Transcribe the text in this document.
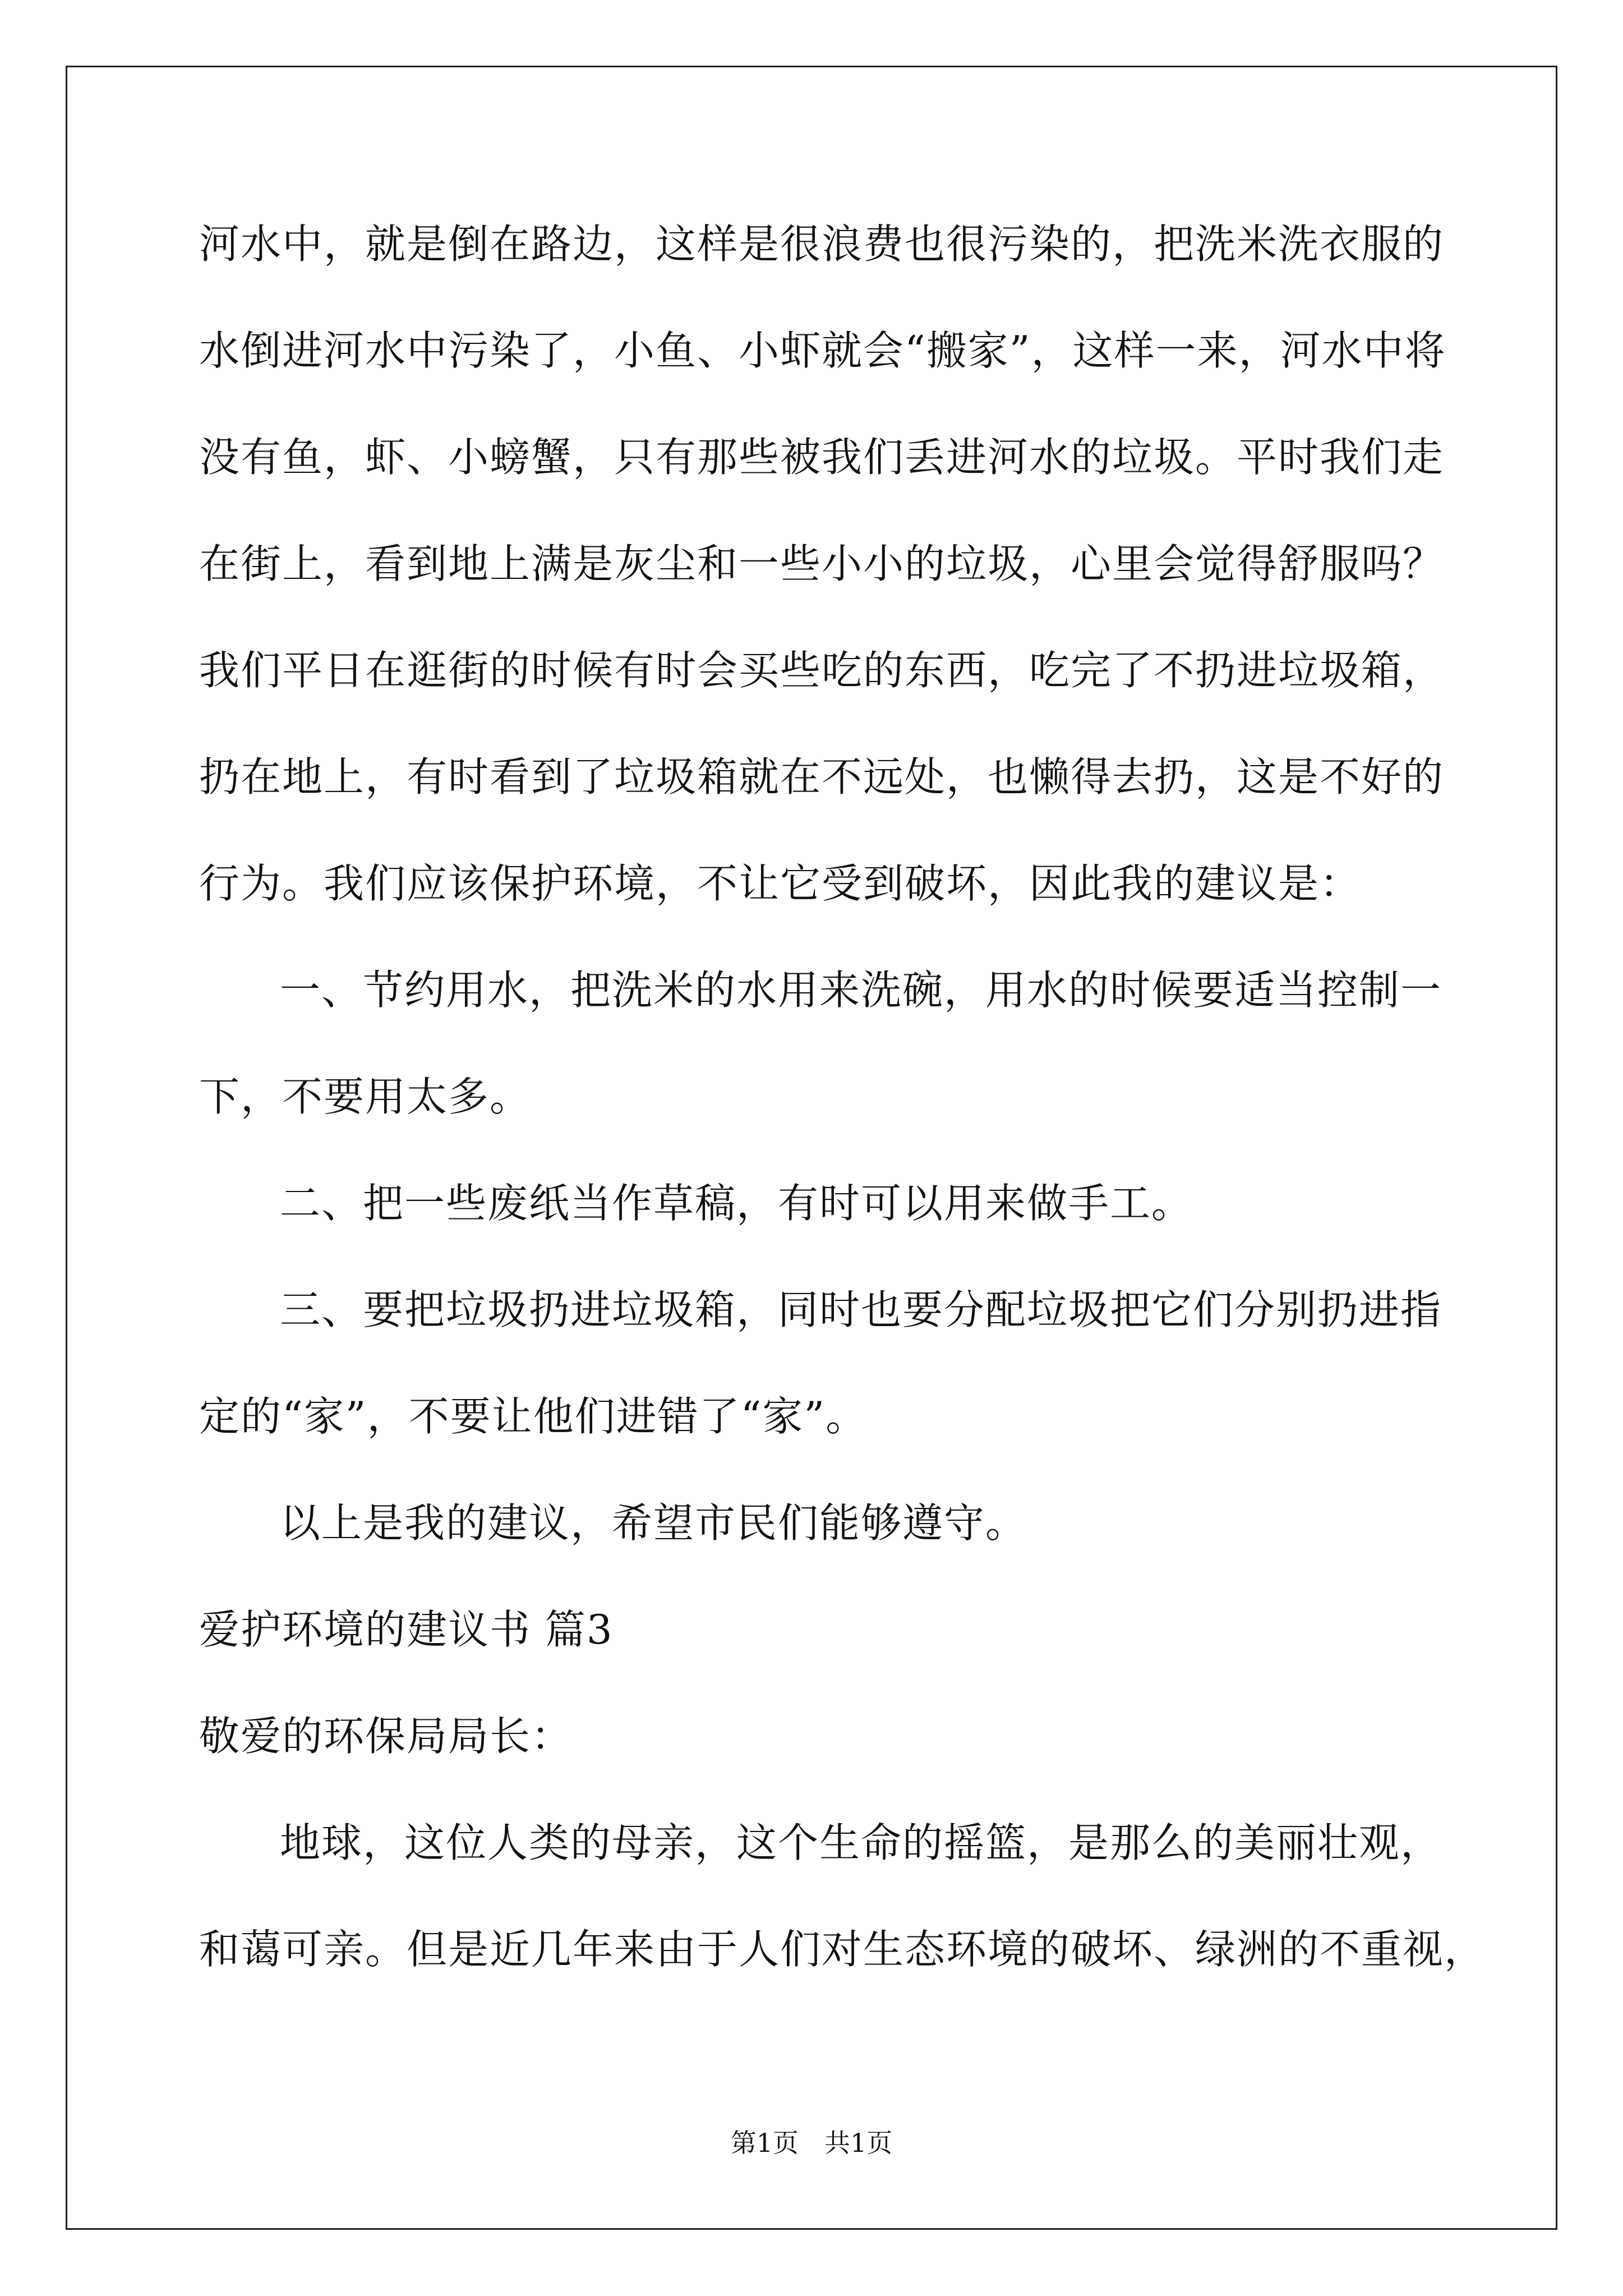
河水中，就是倒在路边，这样是很浪费也很污染的，把洗米洗衣服的
水倒进河水中污染了，小鱼、小虾就会“搬家”，这样一来，河水中将
没有鱼，虾、小螃蟹，只有那些被我们丢进河水的垃圾。平时我们走
在街上，看到地上满是灰尘和一些小小的垃圾，心里会觉得舒服吗？
我们平日在逛街的时候有时会买些吃的东西，吃完了不扔进垃圾箱，
扔在地上，有时看到了垃圾箱就在不远处，也懒得去扔，这是不好的
行为。我们应该保护环境，不让它受到破坏，因此我的建议是：
一、节约用水，把洗米的水用来洗碗，用水的时候要适当控制一
下，不要用太多。
二、把一些废纸当作草稿，有时可以用来做手工。
三、要把垃圾扔进垃圾箱，同时也要分配垃圾把它们分别扔进指
定的“家”，不要让他们进错了“家”。
以上是我的建议，希望市民们能够遵守。
爱护环境的建议书 篇3
敬爱的环保局局长：
地球，这位人类的母亲，这个生命的摇篮，是那么的美丽壮观，
和蔼可亲。但是近几年来由于人们对生态环境的破坏、绿洲的不重视，
第1页　共1页
